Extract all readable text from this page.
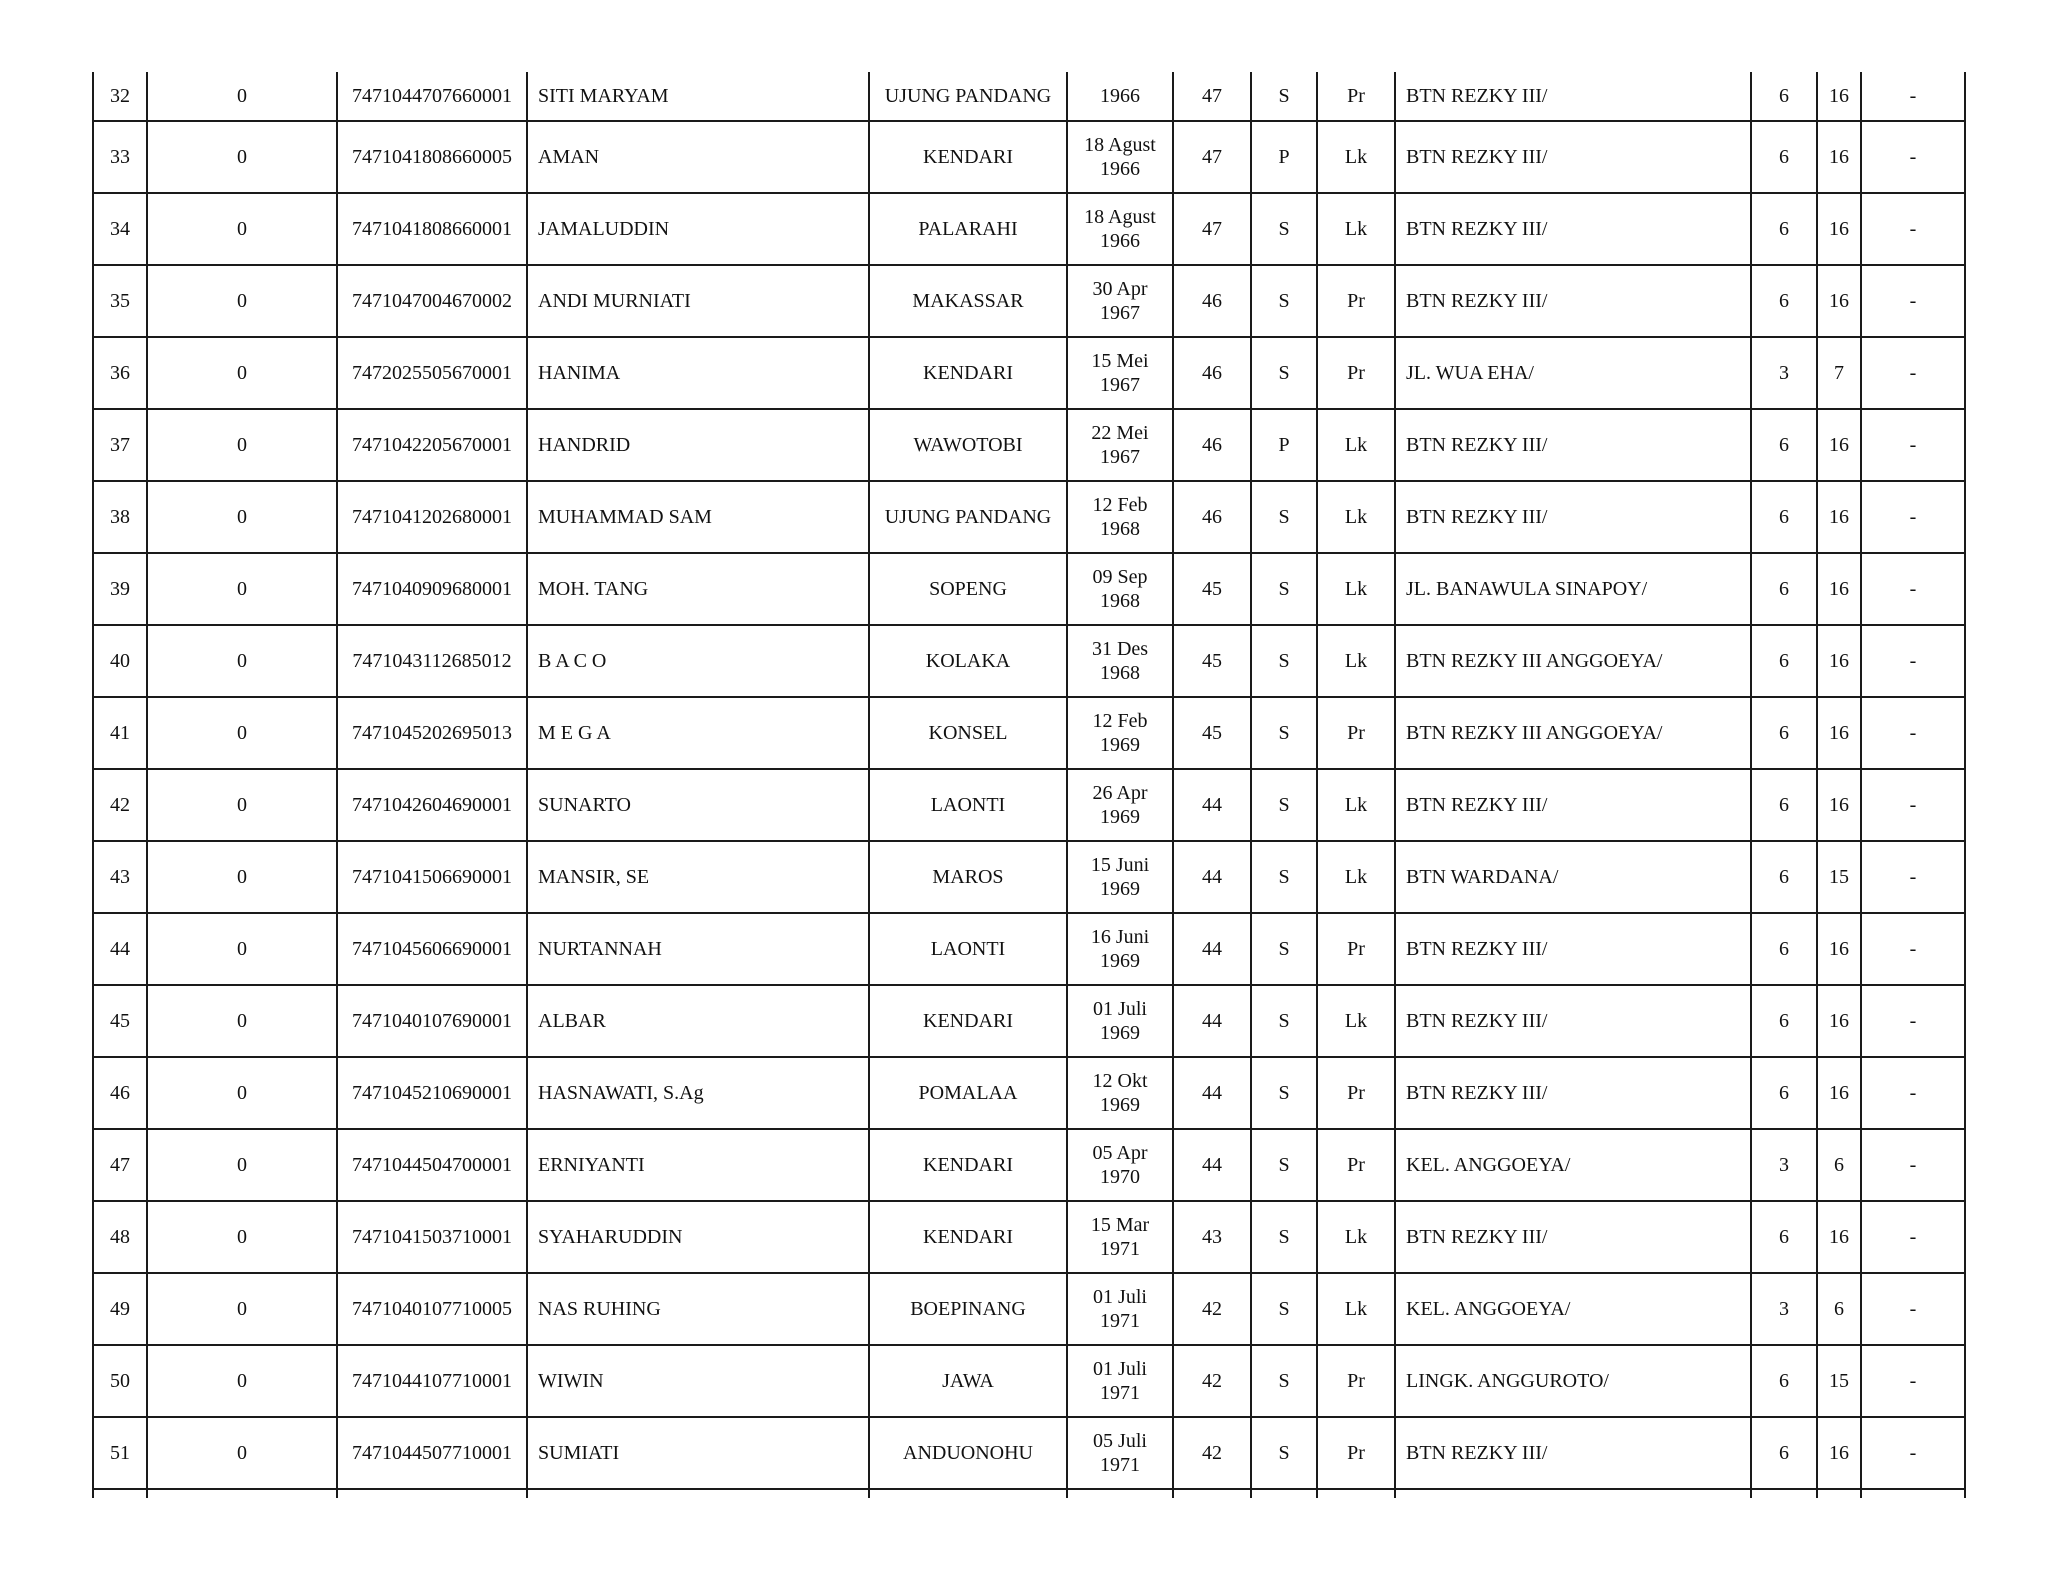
32	0	7471044707660001	SITI MARYAM	UJUNG PANDANG	1966	47	S	Pr	BTN REZKY III/	6	16	-
33	0	7471041808660005	AMAN	KENDARI	18 Agust 1966	47	P	Lk	BTN REZKY III/	6	16	-
34	0	7471041808660001	JAMALUDDIN	PALARAHI	18 Agust 1966	47	S	Lk	BTN REZKY III/	6	16	-
35	0	7471047004670002	ANDI MURNIATI	MAKASSAR	30 Apr 1967	46	S	Pr	BTN REZKY III/	6	16	-
36	0	7472025505670001	HANIMA	KENDARI	15 Mei 1967	46	S	Pr	JL. WUA EHA/	3	7	-
37	0	7471042205670001	HANDRID	WAWOTOBI	22 Mei 1967	46	P	Lk	BTN REZKY III/	6	16	-
38	0	7471041202680001	MUHAMMAD SAM	UJUNG PANDANG	12 Feb 1968	46	S	Lk	BTN REZKY III/	6	16	-
39	0	7471040909680001	MOH. TANG	SOPENG	09 Sep 1968	45	S	Lk	JL. BANAWULA SINAPOY/	6	16	-
40	0	7471043112685012	B A C O	KOLAKA	31 Des 1968	45	S	Lk	BTN REZKY III ANGGOEYA/	6	16	-
41	0	7471045202695013	M E G A	KONSEL	12 Feb 1969	45	S	Pr	BTN REZKY III ANGGOEYA/	6	16	-
42	0	7471042604690001	SUNARTO	LAONTI	26 Apr 1969	44	S	Lk	BTN REZKY III/	6	16	-
43	0	7471041506690001	MANSIR, SE	MAROS	15 Juni 1969	44	S	Lk	BTN WARDANA/	6	15	-
44	0	7471045606690001	NURTANNAH	LAONTI	16 Juni 1969	44	S	Pr	BTN REZKY III/	6	16	-
45	0	7471040107690001	ALBAR	KENDARI	01 Juli 1969	44	S	Lk	BTN REZKY III/	6	16	-
46	0	7471045210690001	HASNAWATI, S.Ag	POMALAA	12 Okt 1969	44	S	Pr	BTN REZKY III/	6	16	-
47	0	7471044504700001	ERNIYANTI	KENDARI	05 Apr 1970	44	S	Pr	KEL. ANGGOEYA/	3	6	-
48	0	7471041503710001	SYAHARUDDIN	KENDARI	15 Mar 1971	43	S	Lk	BTN REZKY III/	6	16	-
49	0	7471040107710005	NAS RUHING	BOEPINANG	01 Juli 1971	42	S	Lk	KEL. ANGGOEYA/	3	6	-
50	0	7471044107710001	WIWIN	JAWA	01 Juli 1971	42	S	Pr	LINGK. ANGGUROTO/	6	15	-
51	0	7471044507710001	SUMIATI	ANDUONOHU	05 Juli 1971	42	S	Pr	BTN REZKY III/	6	16	-
